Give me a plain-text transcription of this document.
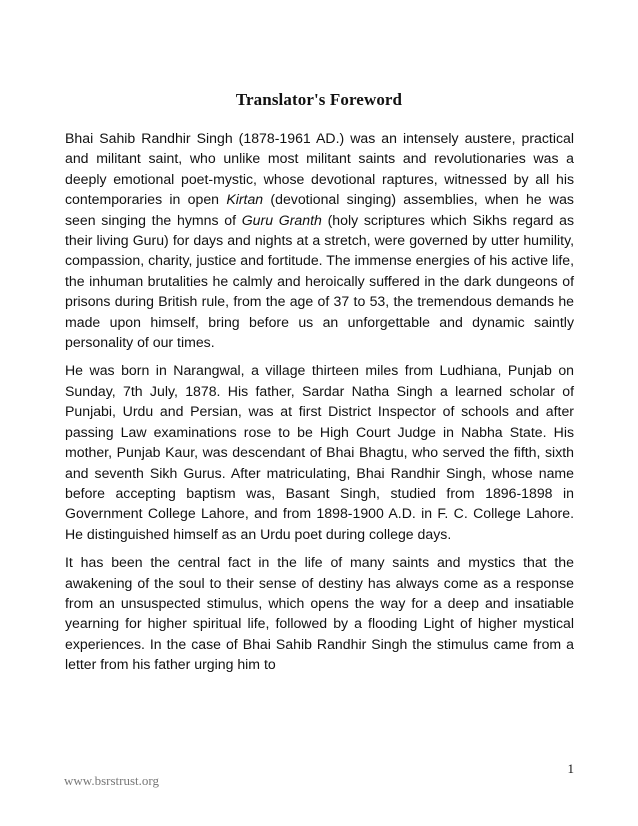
Translator's Foreword

Bhai Sahib Randhir Singh (1878-1961 AD.) was an intensely austere, practical and militant saint, who unlike most militant saints and revolutionaries was a deeply emotional poet-mystic, whose devotional raptures, witnessed by all his contemporaries in open Kirtan (devotional singing) assemblies, when he was seen singing the hymns of Guru Granth (holy scriptures which Sikhs regard as their living Guru) for days and nights at a stretch, were governed by utter humility, compassion, charity, justice and fortitude. The immense energies of his active life, the inhuman brutalities he calmly and heroically suffered in the dark dungeons of prisons during British rule, from the age of 37 to 53, the tremendous demands he made upon himself, bring before us an unforgettable and dynamic saintly personality of our times.

He was born in Narangwal, a village thirteen miles from Ludhiana, Punjab on Sunday, 7th July, 1878. His father, Sardar Natha Singh a learned scholar of Punjabi, Urdu and Persian, was at first District Inspector of schools and after passing Law examinations rose to be High Court Judge in Nabha State. His mother, Punjab Kaur, was descendant of Bhai Bhagtu, who served the fifth, sixth and seventh Sikh Gurus. After matriculating, Bhai Randhir Singh, whose name before accepting baptism was, Basant Singh, studied from 1896-1898 in Government College Lahore, and from 1898-1900 A.D. in F. C. College Lahore. He distinguished himself as an Urdu poet during college days.

It has been the central fact in the life of many saints and mystics that the awakening of the soul to their sense of destiny has always come as a response from an unsuspected stimulus, which opens the way for a deep and insatiable yearning for higher spiritual life, followed by a flooding Light of higher mystical experiences. In the case of Bhai Sahib Randhir Singh the stimulus came from a letter from his father urging him to

1
www.bsrstrust.org
